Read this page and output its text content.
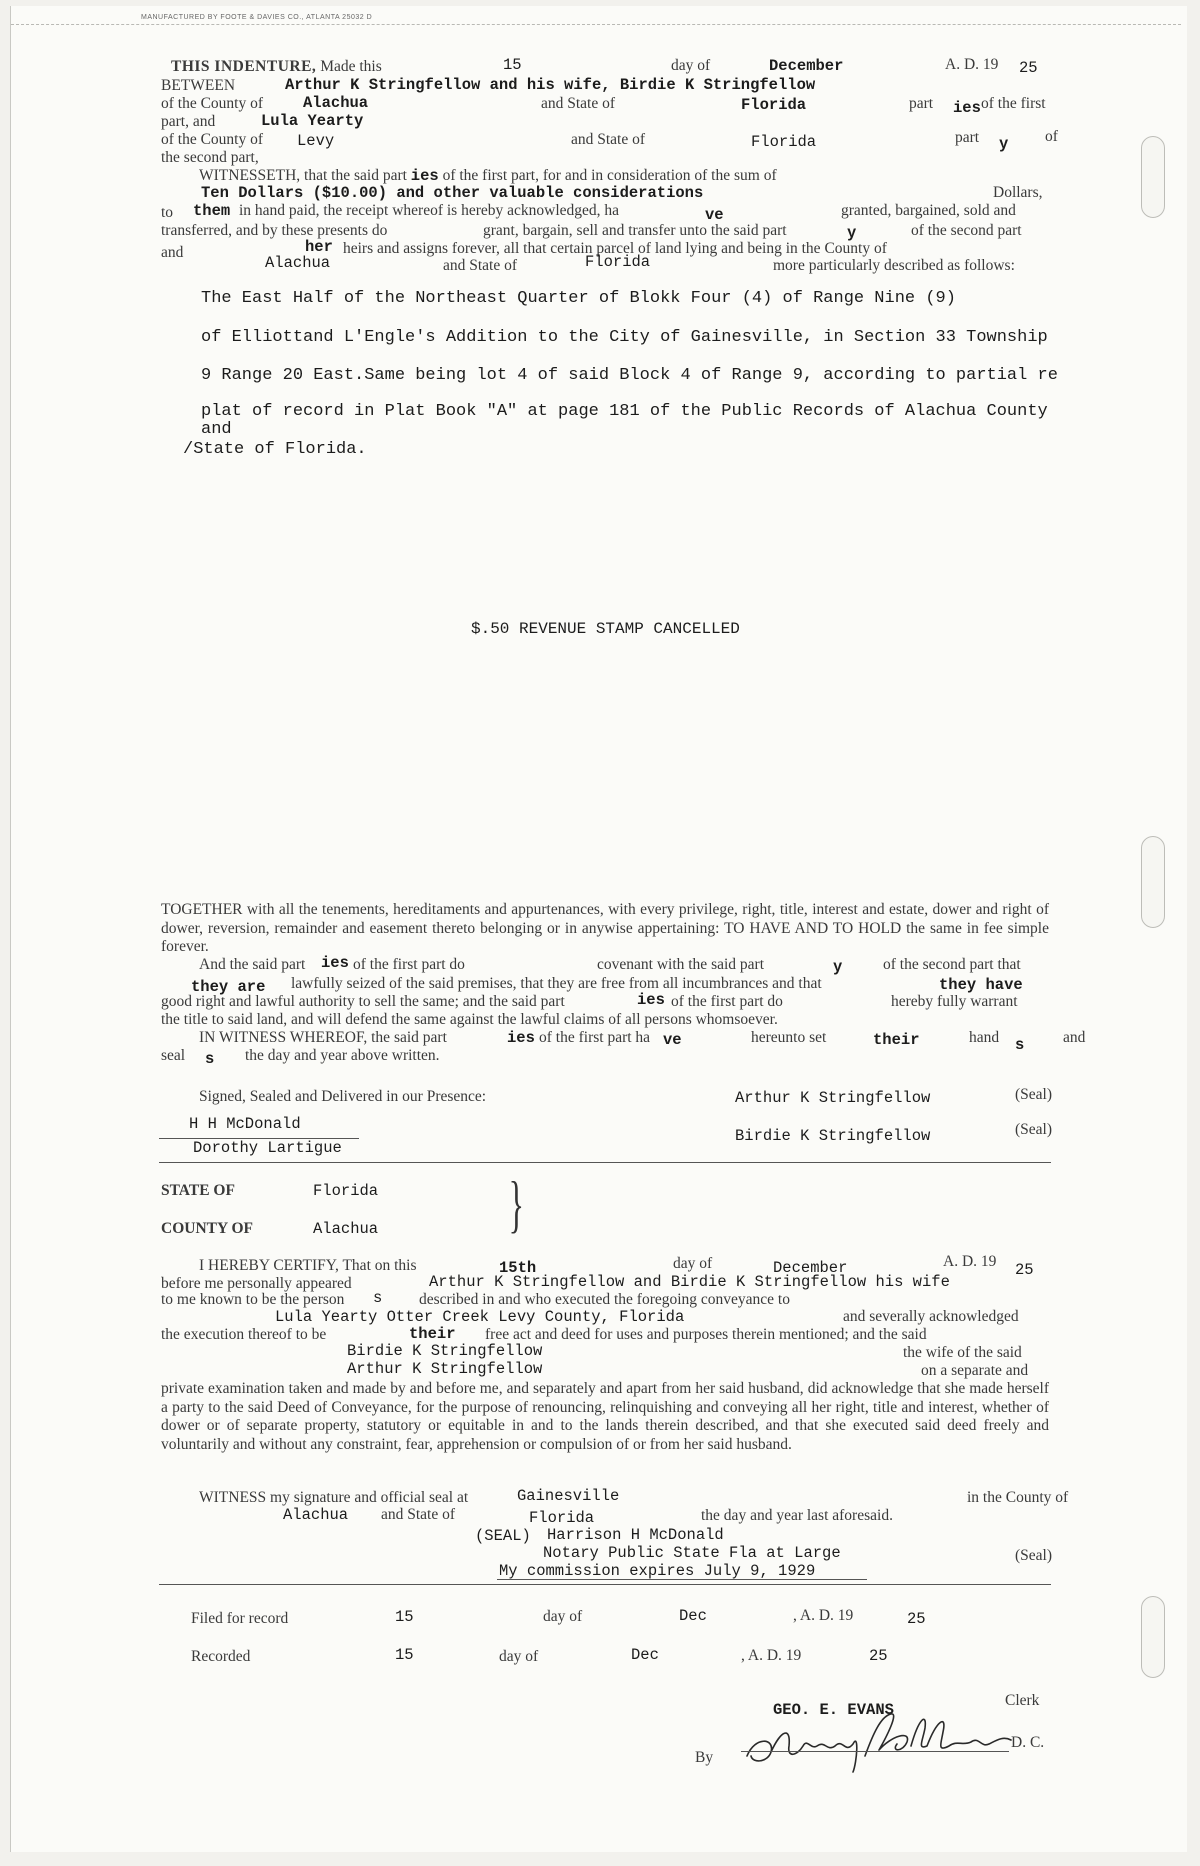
MANUFACTURED BY FOOTE & DAVIES CO., ATLANTA 25032 D
THIS INDENTURE, Made this	15	day of	December	A. D. 19 25
BETWEEN	Arthur K Stringfellow and his wife, Birdie K Stringfellow
of the County of	Alachua	and State of	Florida	part ies of the first
part, and	Lula Yearty
of the County of Levy	and State of	Florida	part y of
the second part,
WITNESSETH, that the said part ies of the first part, for and in consideration of the sum of
Ten Dollars ($10.00) and other valuable considerations	Dollars,
to them in hand paid, the receipt whereof is hereby acknowledged, ha	ve	granted, bargained, sold and
transferred, and by these presents do	grant, bargain, sell and transfer unto the said part	y	of the second part
and	her heirs and assigns forever, all that certain parcel of land lying and being in the County of
Alachua	and State of	Florida	more particularly described as follows:
The East Half of the Northeast Quarter of Blokk Four (4) of Range Nine (9)
of Elliottand L'Engle's Addition to the City of Gainesville, in Section 33 Township
9 Range 20 East.Same being lot 4 of said Block 4 of Range 9, according to partial re
plat of record in Plat Book "A" at page 181 of the Public Records of Alachua County
and
/State of Florida.
$.50 REVENUE STAMP CANCELLED
TOGETHER with all the tenements, hereditaments and appurtenances, with every privilege, right, title, interest and estate, dower and right of dower, reversion, remainder and easement thereto belonging or in anywise appertaining: TO HAVE AND TO HOLD the same in fee simple forever.
And the said part ies of the first part do	covenant with the said part	y	of the second part that
they are lawfully seized of the said premises, that they are free from all incumbrances and that	they have
good right and lawful authority to sell the same; and the said part	ies of the first part do	hereby fully warrant
the title to said land, and will defend the same against the lawful claims of all persons whomsoever.
IN WITNESS WHEREOF, the said part	ies of the first part ha ve	hereunto set	their	hand s and
seal s the day and year above written.
Signed, Sealed and Delivered in our Presence:
H H McDonald
Dorothy Lartigue
Arthur K Stringfellow
Birdie K Stringfellow
(Seal)
(Seal)
STATE OF	Florida
COUNTY OF	Alachua }
I HEREBY CERTIFY, That on this	15th	day of	December	A. D. 19 25
before me personally appeared	Arthur K Stringfellow and Birdie K Stringfellow his wife
to me known to be the person s described in and who executed the foregoing conveyance to
Lula Yearty Otter Creek Levy County, Florida	and severally acknowledged
the execution thereof to be	their free act and deed for uses and purposes therein mentioned; and the said
Birdie K Stringfellow	the wife of the said
Arthur K Stringfellow	on a separate and
private examination taken and made by and before me, and separately and apart from her said husband, did acknowledge that she made herself a party to the said Deed of Conveyance, for the purpose of renouncing, relinquishing and conveying all her right, title and interest, whether of dower or of separate property, statutory or equitable in and to the lands therein described, and that she executed said deed freely and voluntarily and without any constraint, fear, apprehension or compulsion of or from her said husband.
WITNESS my signature and official seal at	Gainesville	in the County of
Alachua and State of	Florida	the day and year last aforesaid.
(SEAL) Harrison H McDonald
Notary Public State Fla at Large
My commission expires July 9, 1929
(Seal)
Filed for record	15	day of	Dec	, A. D. 19	25
Recorded	15	day of	Dec	, A. D. 19	25
GEO. E. EVANS
Clerk
By
D. C.
